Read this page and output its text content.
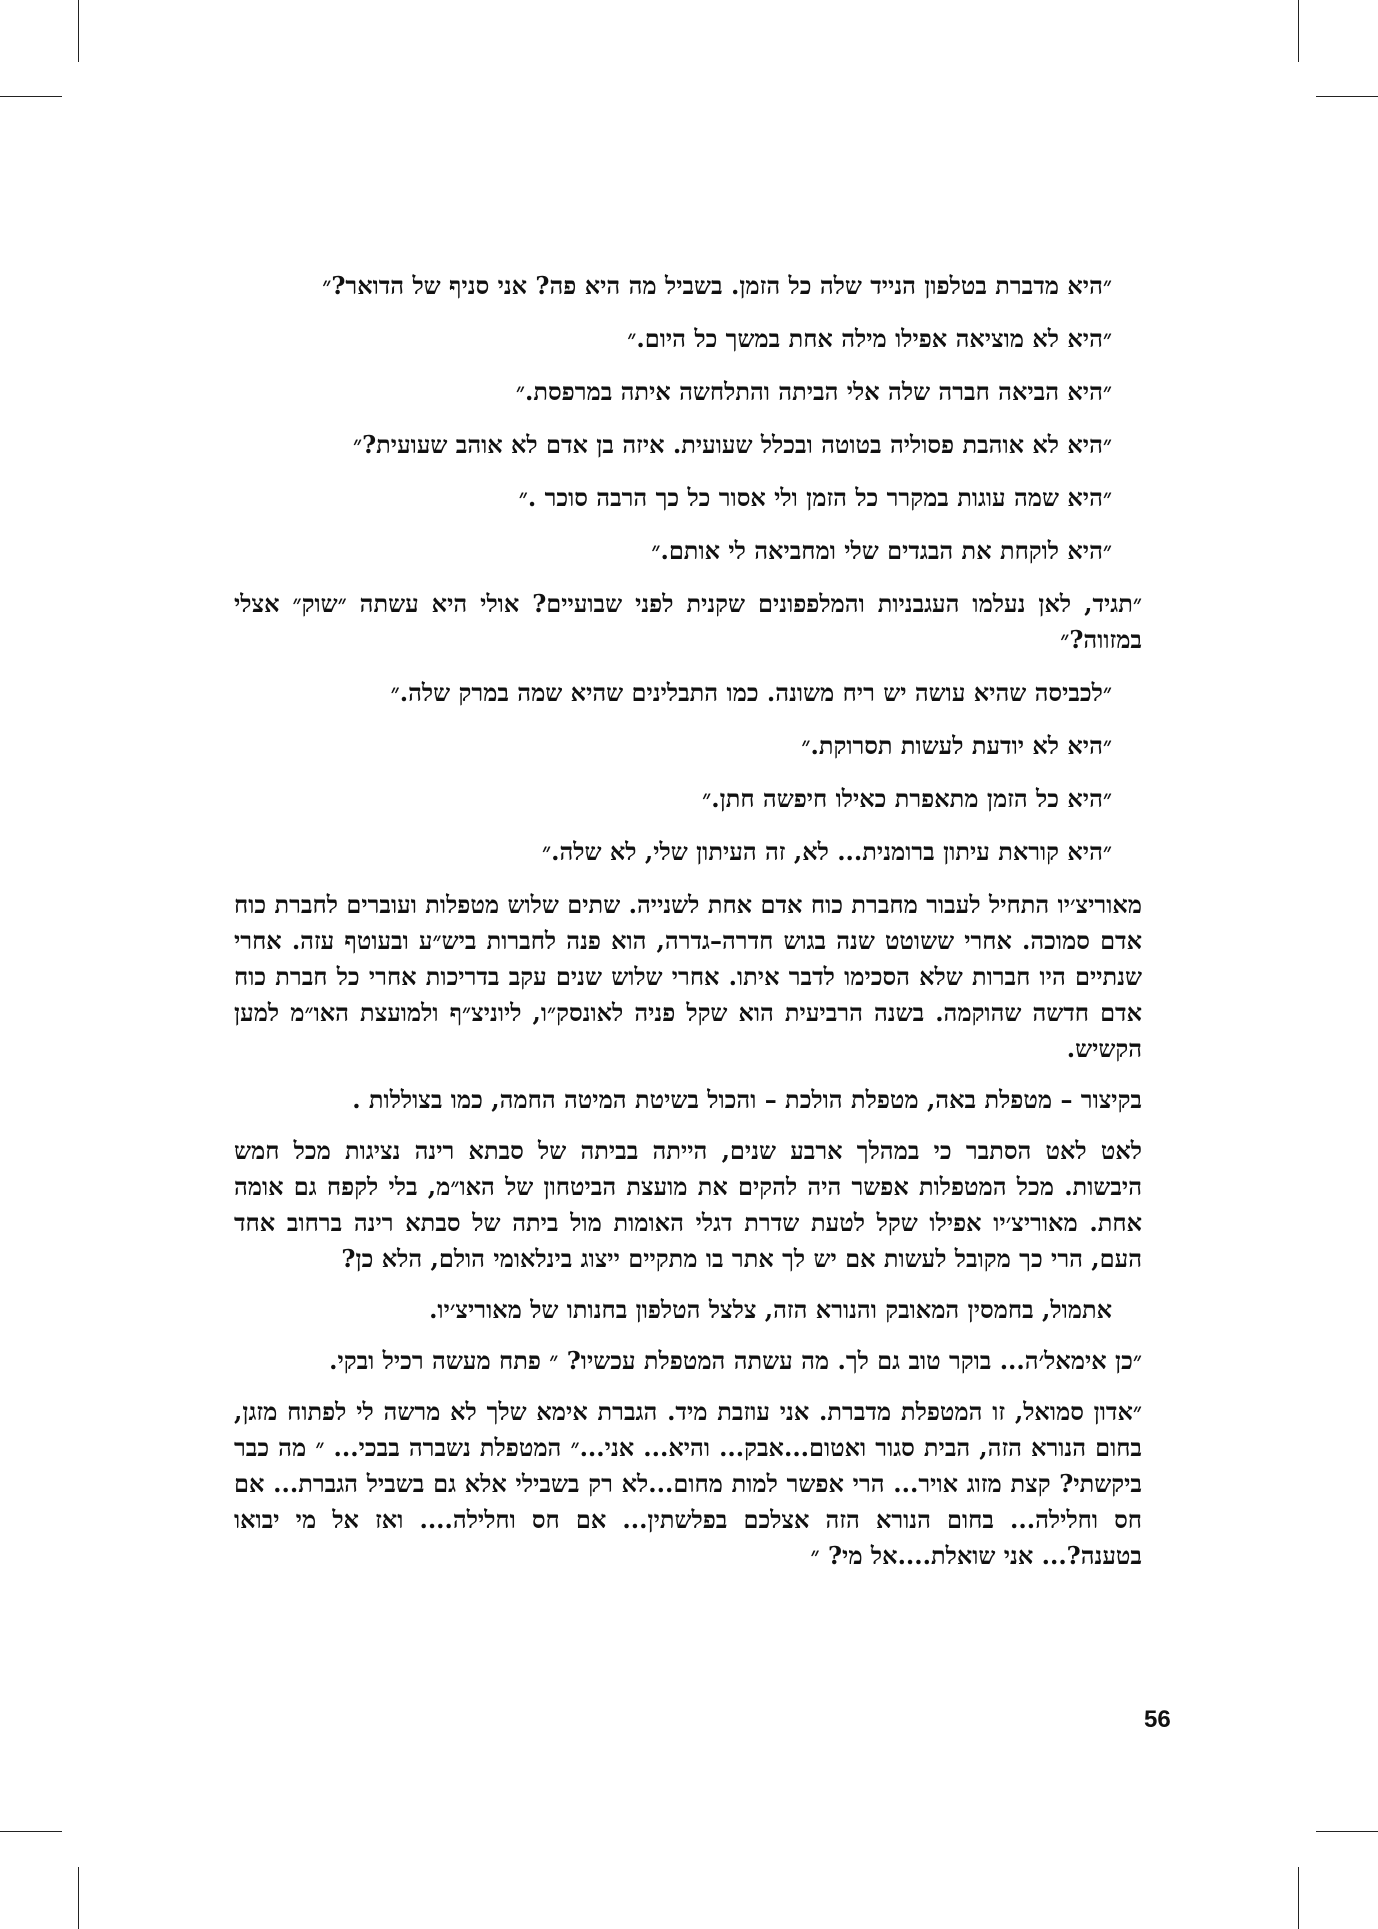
״היא מדברת בטלפון הנייד שלה כל הזמן. בשביל מה היא פה? אני סניף של הדואר?״

״היא לא מוציאה אפילו מילה אחת במשך כל היום.״

״היא הביאה חברה שלה אלי הביתה והתלחשה איתה במרפסת.״

״היא לא אוהבת פסוליה בטוטה ובכלל שעועית. איזה בן אדם לא אוהב שעועית?״

״היא שמה עוגות במקרר כל הזמן ולי אסור כל כך הרבה סוכר .״

״היא לוקחת את הבגדים שלי ומחביאה לי אותם.״

״תגיד, לאן נעלמו העגבניות והמלפפונים שקנית לפני שבועיים? אולי היא עשתה ״שוק״ אצלי במזווה?״

״לכביסה שהיא עושה יש ריח משונה. כמו התבלינים שהיא שמה במרק שלה.״

״היא לא יודעת לעשות תסרוקת.״

״היא כל הזמן מתאפרת כאילו חיפשה חתן.״

״היא קוראת עיתון ברומנית... לא, זה העיתון שלי, לא שלה.״

מאוריצ׳יו התחיל לעבור מחברת כוח אדם אחת לשנייה. שתים שלוש מטפלות ועוברים לחברת כוח אדם סמוכה. אחרי ששוטט שנה בגוש חדרה–גדרה, הוא פנה לחברות ביש״ע ובעוטף עזה. אחרי שנתיים היו חברות שלא הסכימו לדבר איתו. אחרי שלוש שנים עקב בדריכות אחרי כל חברת כוח אדם חדשה שהוקמה. בשנה הרביעית הוא שקל פניה לאונסק״ו, ליוניצ״ף ולמועצת האו״מ למען הקשיש.

בקיצור – מטפלת באה, מטפלת הולכת – והכול בשיטת המיטה החמה, כמו בצוללות .

לאט לאט הסתבר כי במהלך ארבע שנים, הייתה בביתה של סבתא רינה נציגות מכל חמש היבשות. מכל המטפלות אפשר היה להקים את מועצת הביטחון של האו״מ, בלי לקפח גם אומה אחת. מאוריצ׳יו אפילו שקל לטעת שדרת דגלי האומות מול ביתה של סבתא רינה ברחוב אחד העם, הרי כך מקובל לעשות אם יש לך אתר בו מתקיים ייצוג בינלאומי הולם, הלא כן?

אתמול, בחמסין המאובק והנורא הזה, צלצל הטלפון בחנותו של מאוריצ׳יו.

״כן אימאל׳ה... בוקר טוב גם לך. מה עשתה המטפלת עכשיו? ״ פתח מעשה רכיל ובקי.

״אדון סמואל, זו המטפלת מדברת. אני עוזבת מיד. הגברת אימא שלך לא מרשה לי לפתוח מזגן, בחום הנורא הזה, הבית סגור ואטום...אבק... והיא... אני...״ המטפלת נשברה בבכי... ״ מה כבר ביקשתי? קצת מזוג אויר... הרי אפשר למות מחום...לא רק בשבילי אלא גם בשביל הגברת... אם חס וחלילה... בחום הנורא הזה אצלכם בפלשתין... אם חס וחלילה.... ואז אל מי יבואו בטענה?... אני שואלת....אל מי? ״

56
